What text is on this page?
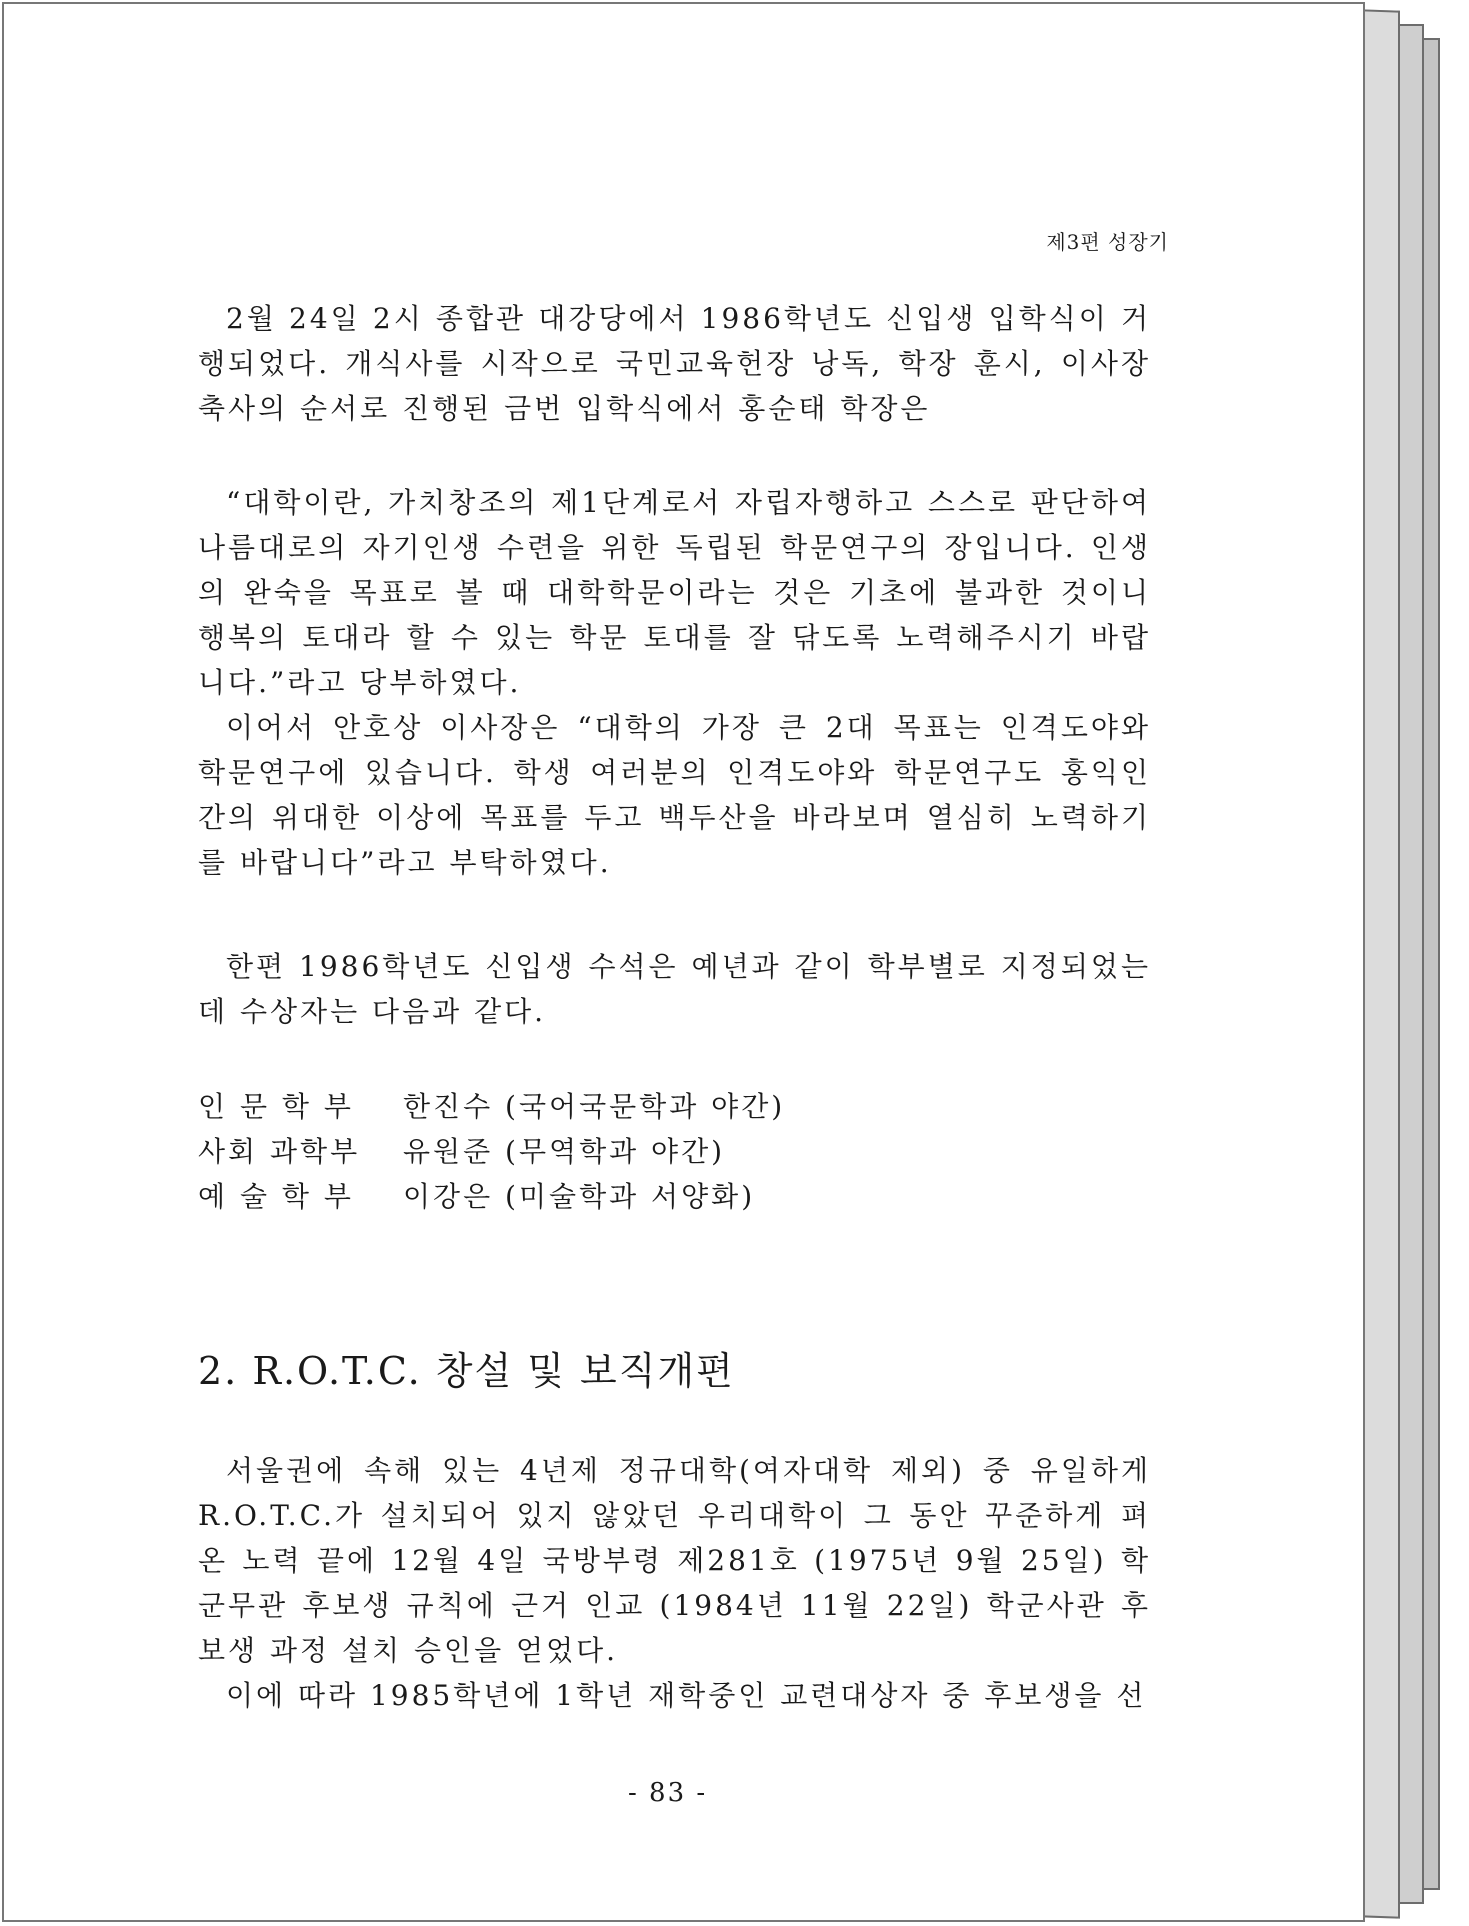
제3편 성장기

2월 24일 2시 종합관 대강당에서 1986학년도 신입생 입학식이 거행되었다. 개식사를 시작으로 국민교육헌장 낭독, 학장 훈시, 이사장 축사의 순서로 진행된 금번 입학식에서 홍순태 학장은

“대학이란, 가치창조의 제1단계로서 자립자행하고 스스로 판단하여 나름대로의 자기인생 수련을 위한 독립된 학문연구의 장입니다. 인생의 완숙을 목표로 볼 때 대학학문이라는 것은 기초에 불과한 것이니 행복의 토대라 할 수 있는 학문 토대를 잘 닦도록 노력해주시기 바랍니다.”라고 당부하였다.

이어서 안호상 이사장은 “대학의 가장 큰 2대 목표는 인격도야와 학문연구에 있습니다. 학생 여러분의 인격도야와 학문연구도 홍익인간의 위대한 이상에 목표를 두고 백두산을 바라보며 열심히 노력하기를 바랍니다”라고 부탁하였다.

한편 1986학년도 신입생 수석은 예년과 같이 학부별로 지정되었는데 수상자는 다음과 같다.

인 문 학 부	한진수 (국어국문학과 야간)
사회 과학부	유원준 (무역학과 야간)
예 술 학 부	이강은 (미술학과 서양화)
2. R.O.T.C. 창설 및 보직개편

서울권에 속해 있는 4년제 정규대학(여자대학 제외) 중 유일하게 R.O.T.C.가 설치되어 있지 않았던 우리대학이 그 동안 꾸준하게 펴 온 노력 끝에 12월 4일 국방부령 제281호 (1975년 9월 25일) 학군무관 후보생 규칙에 근거 인교 (1984년 11월 22일) 학군사관 후보생 과정 설치 승인을 얻었다.

이에 따라 1985학년에 1학년 재학중인 교련대상자 중 후보생을 선

- 83 -
